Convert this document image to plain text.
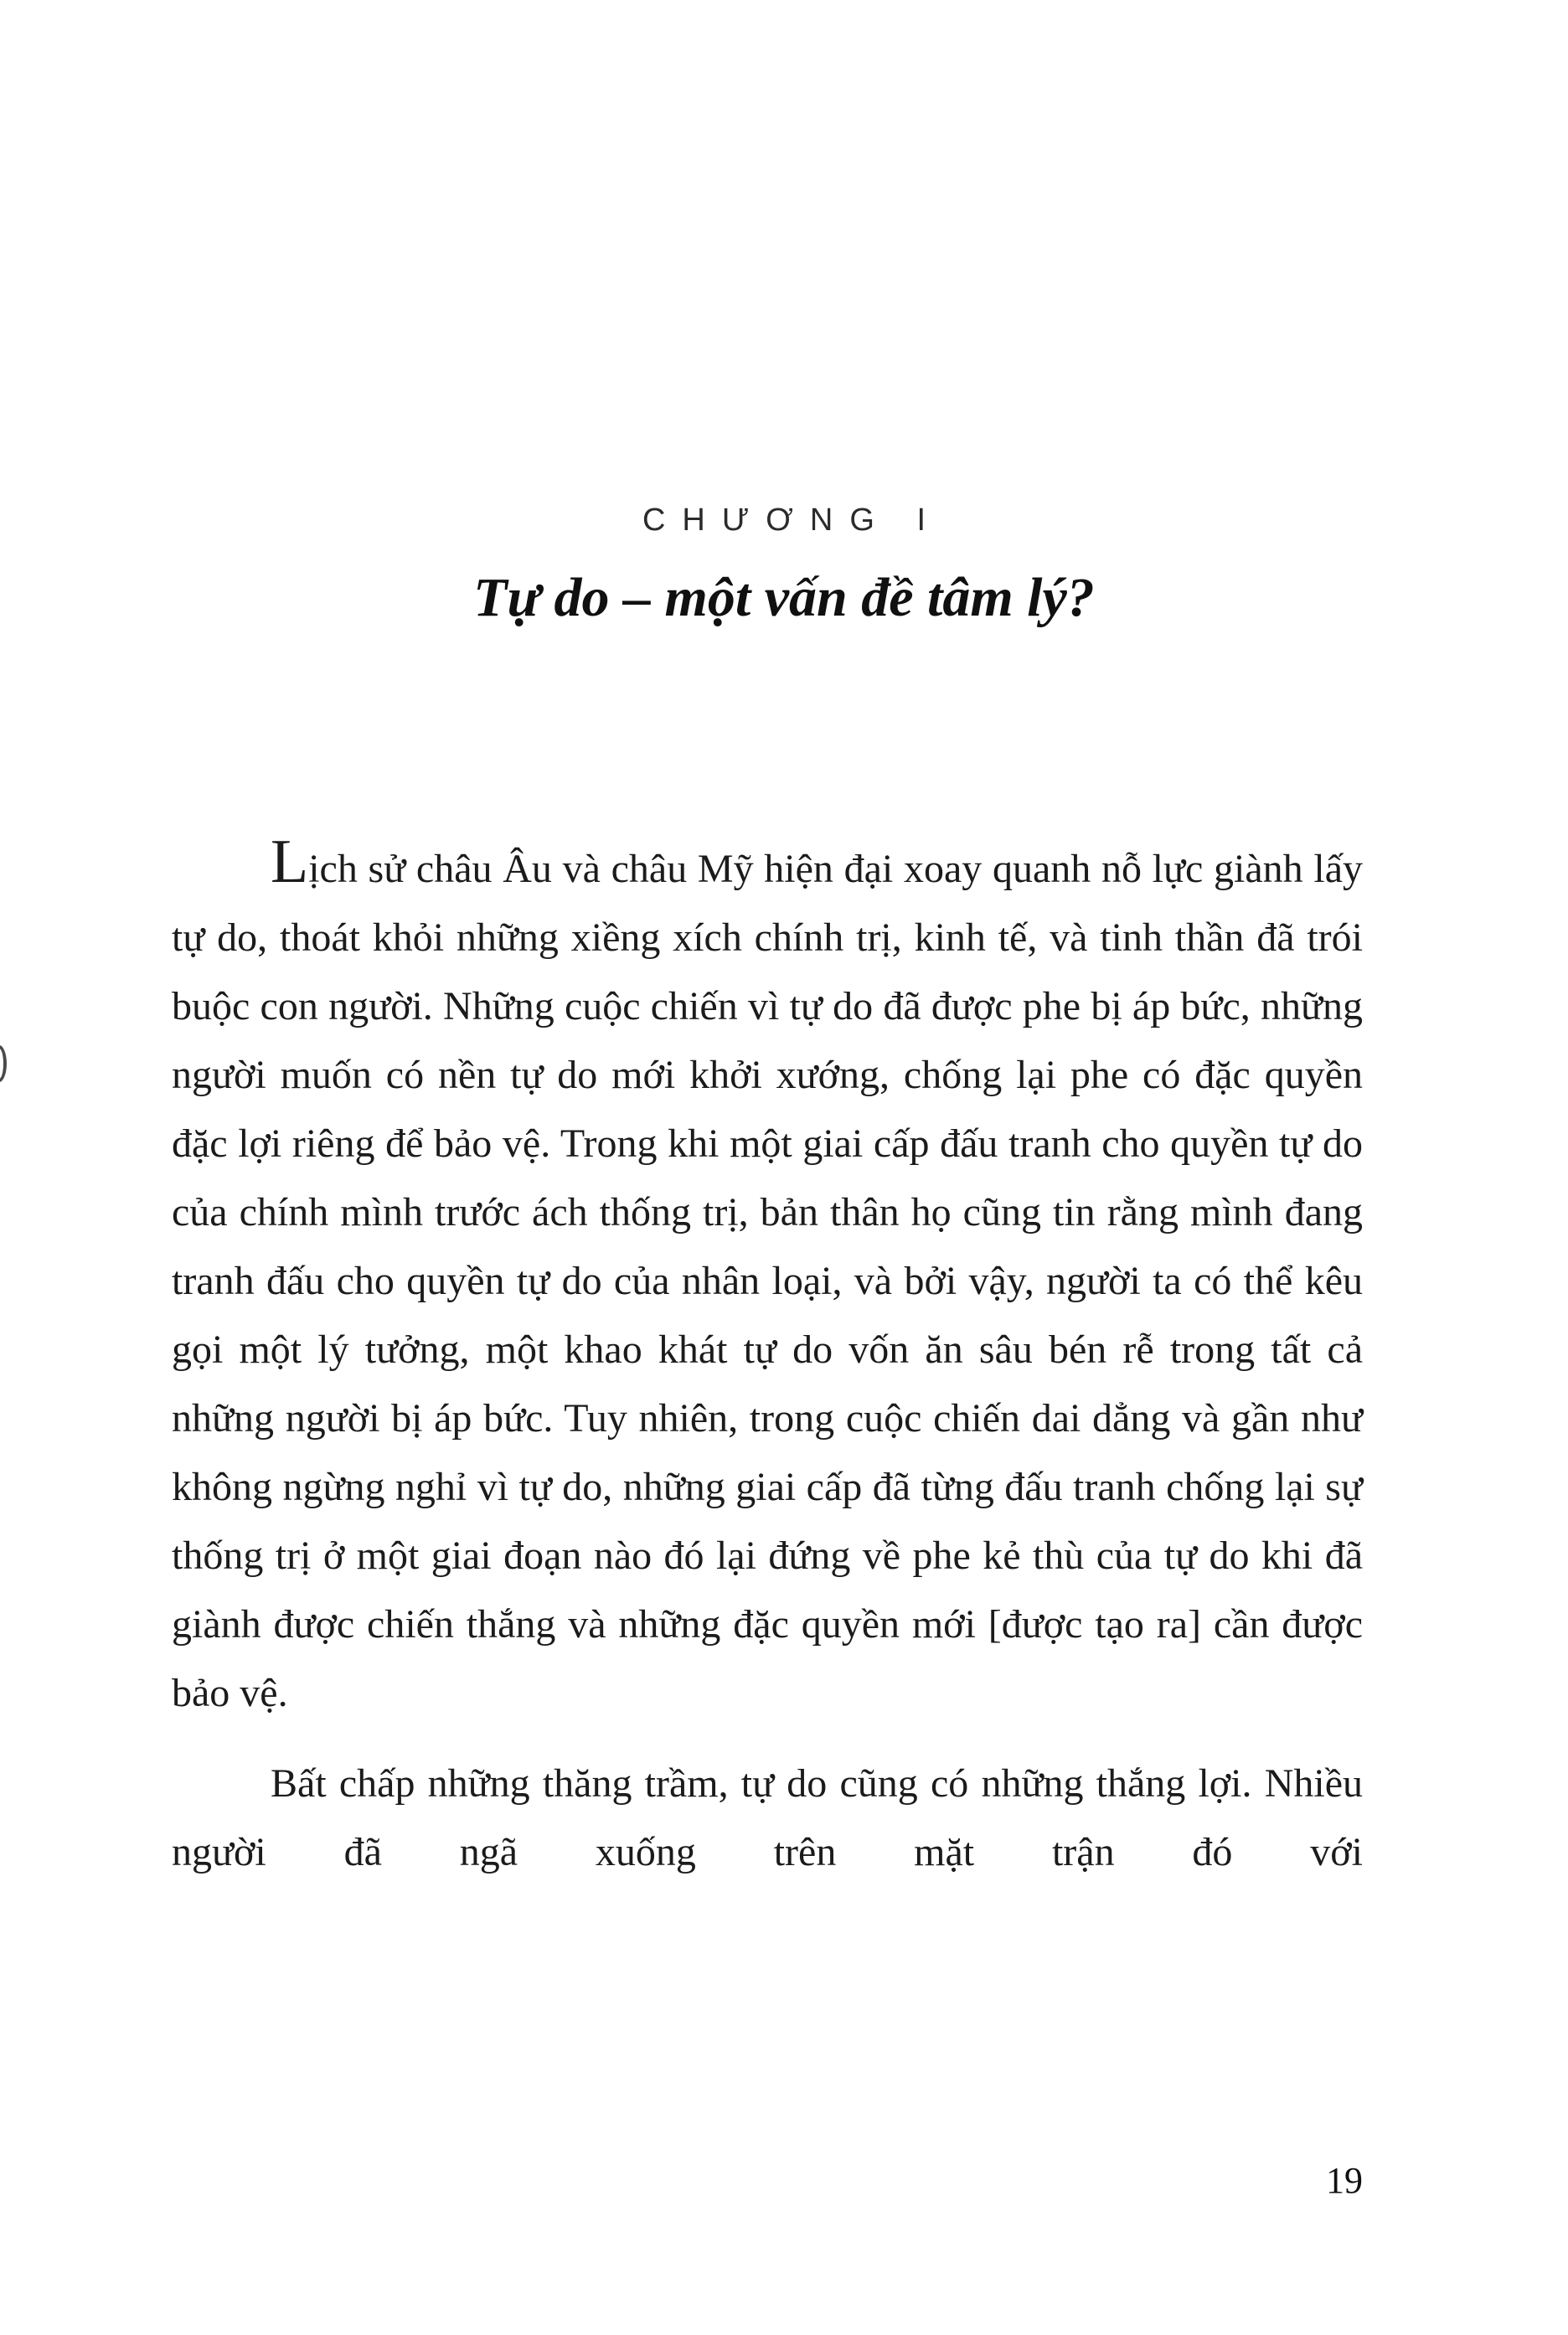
CHƯƠNG I
Tự do – một vấn đề tâm lý?

Lịch sử châu Âu và châu Mỹ hiện đại xoay quanh nỗ lực giành lấy tự do, thoát khỏi những xiềng xích chính trị, kinh tế, và tinh thần đã trói buộc con người. Những cuộc chiến vì tự do đã được phe bị áp bức, những người muốn có nền tự do mới khởi xướng, chống lại phe có đặc quyền đặc lợi riêng để bảo vệ. Trong khi một giai cấp đấu tranh cho quyền tự do của chính mình trước ách thống trị, bản thân họ cũng tin rằng mình đang tranh đấu cho quyền tự do của nhân loại, và bởi vậy, người ta có thể kêu gọi một lý tưởng, một khao khát tự do vốn ăn sâu bén rễ trong tất cả những người bị áp bức. Tuy nhiên, trong cuộc chiến dai dẳng và gần như không ngừng nghỉ vì tự do, những giai cấp đã từng đấu tranh chống lại sự thống trị ở một giai đoạn nào đó lại đứng về phe kẻ thù của tự do khi đã giành được chiến thắng và những đặc quyền mới [được tạo ra] cần được bảo vệ.

Bất chấp những thăng trầm, tự do cũng có những thắng lợi. Nhiều người đã ngã xuống trên mặt trận đó với

19
